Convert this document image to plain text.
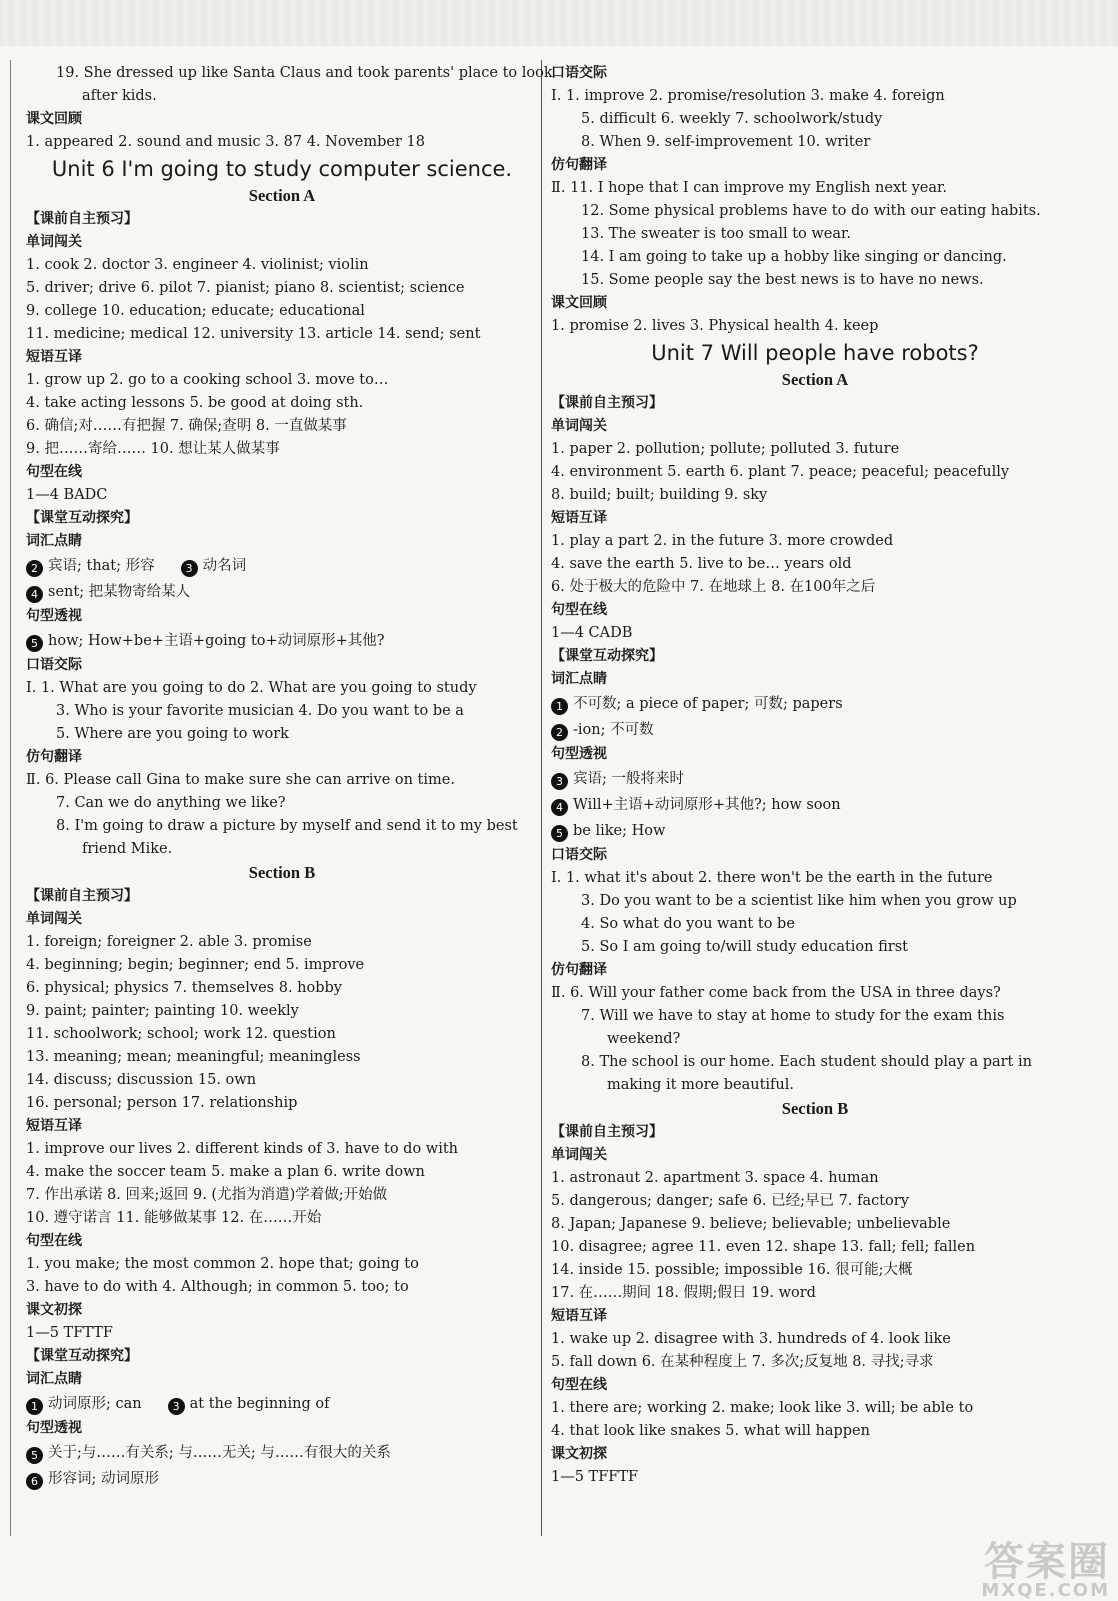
19. She dressed up like Santa Claus and took parents' place to look
after kids.
课文回顾
1. appeared 2. sound and music 3. 87 4. November 18
Unit 6 I'm going to study computer science.
Section A
【课前自主预习】
单词闯关
1. cook 2. doctor 3. engineer 4. violinist; violin
5. driver; drive 6. pilot 7. pianist; piano 8. scientist; science
9. college 10. education; educate; educational
11. medicine; medical 12. university 13. article 14. send; sent
短语互译
1. grow up 2. go to a cooking school 3. move to…
4. take acting lessons 5. be good at doing sth.
6. 确信;对……有把握 7. 确保;查明 8. 一直做某事
9. 把……寄给…… 10. 想让某人做某事
句型在线
1—4 BADC
【课堂互动探究】
词汇点睛
2 宾语; that; 形容	3 动名词
4 sent; 把某物寄给某人
句型透视
5 how; How+be+主语+going to+动词原形+其他?
口语交际
Ⅰ. 1. What are you going to do 2. What are you going to study
3. Who is your favorite musician 4. Do you want to be a
5. Where are you going to work
仿句翻译
Ⅱ. 6. Please call Gina to make sure she can arrive on time.
7. Can we do anything we like?
8. I'm going to draw a picture by myself and send it to my best
friend Mike.
Section B
【课前自主预习】
单词闯关
1. foreign; foreigner 2. able 3. promise
4. beginning; begin; beginner; end 5. improve
6. physical; physics 7. themselves 8. hobby
9. paint; painter; painting 10. weekly
11. schoolwork; school; work 12. question
13. meaning; mean; meaningful; meaningless
14. discuss; discussion 15. own
16. personal; person 17. relationship
短语互译
1. improve our lives 2. different kinds of 3. have to do with
4. make the soccer team 5. make a plan 6. write down
7. 作出承诺 8. 回来;返回 9. (尤指为消遣)学着做;开始做
10. 遵守诺言 11. 能够做某事 12. 在……开始
句型在线
1. you make; the most common 2. hope that; going to
3. have to do with 4. Although; in common 5. too; to
课文初探
1—5 TFTTF
【课堂互动探究】
词汇点睛
1 动词原形; can	3 at the beginning of
句型透视
5 关于;与……有关系; 与……无关; 与……有很大的关系
6 形容词; 动词原形
口语交际
Ⅰ. 1. improve 2. promise/resolution 3. make 4. foreign
5. difficult 6. weekly 7. schoolwork/study
8. When 9. self-improvement 10. writer
仿句翻译
Ⅱ. 11. I hope that I can improve my English next year.
12. Some physical problems have to do with our eating habits.
13. The sweater is too small to wear.
14. I am going to take up a hobby like singing or dancing.
15. Some people say the best news is to have no news.
课文回顾
1. promise 2. lives 3. Physical health 4. keep
Unit 7 Will people have robots?
Section A
【课前自主预习】
单词闯关
1. paper 2. pollution; pollute; polluted 3. future
4. environment 5. earth 6. plant 7. peace; peaceful; peacefully
8. build; built; building 9. sky
短语互译
1. play a part 2. in the future 3. more crowded
4. save the earth 5. live to be… years old
6. 处于极大的危险中 7. 在地球上 8. 在100年之后
句型在线
1—4 CADB
【课堂互动探究】
词汇点睛
1 不可数; a piece of paper; 可数; papers
2 -ion; 不可数
句型透视
3 宾语; 一般将来时
4 Will+主语+动词原形+其他?; how soon
5 be like; How
口语交际
Ⅰ. 1. what it's about 2. there won't be the earth in the future
3. Do you want to be a scientist like him when you grow up
4. So what do you want to be
5. So I am going to/will study education first
仿句翻译
Ⅱ. 6. Will your father come back from the USA in three days?
7. Will we have to stay at home to study for the exam this
weekend?
8. The school is our home. Each student should play a part in
making it more beautiful.
Section B
【课前自主预习】
单词闯关
1. astronaut 2. apartment 3. space 4. human
5. dangerous; danger; safe 6. 已经;早已 7. factory
8. Japan; Japanese 9. believe; believable; unbelievable
10. disagree; agree 11. even 12. shape 13. fall; fell; fallen
14. inside 15. possible; impossible 16. 很可能;大概
17. 在……期间 18. 假期;假日 19. word
短语互译
1. wake up 2. disagree with 3. hundreds of 4. look like
5. fall down 6. 在某种程度上 7. 多次;反复地 8. 寻找;寻求
句型在线
1. there are; working 2. make; look like 3. will; be able to
4. that look like snakes 5. what will happen
课文初探
1—5 TFFTF
答案圈
MXQE.COM
